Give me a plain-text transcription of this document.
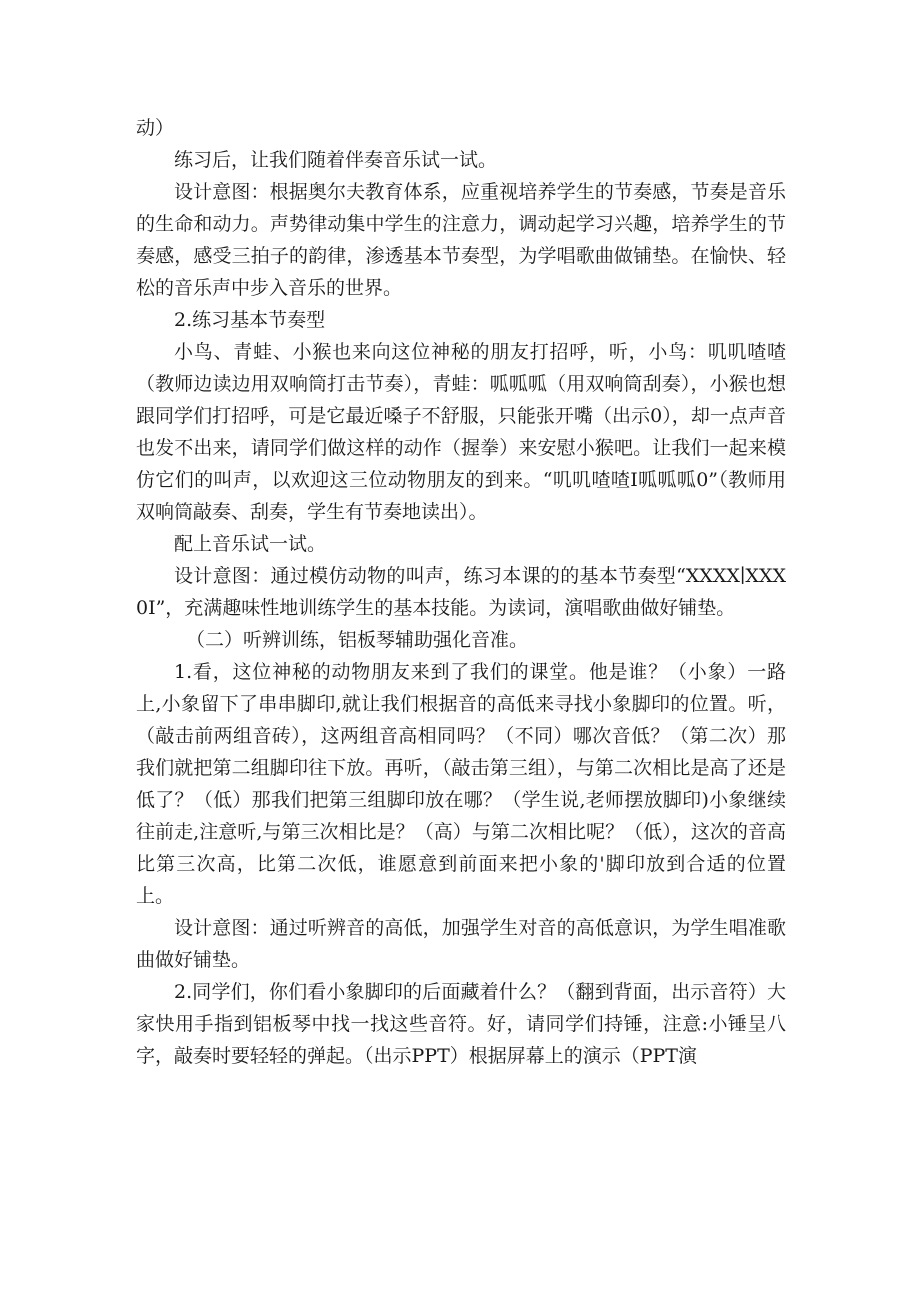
动）

练习后，让我们随着伴奏音乐试一试。

设计意图：根据奥尔夫教育体系，应重视培养学生的节奏感，节奏是音乐的生命和动力。声势律动集中学生的注意力，调动起学习兴趣，培养学生的节奏感，感受三拍子的韵律，渗透基本节奏型，为学唱歌曲做铺垫。在愉快、轻松的音乐声中步入音乐的世界。

2.练习基本节奏型

小鸟、青蛙、小猴也来向这位神秘的朋友打招呼，听，小鸟：叽叽喳喳（教师边读边用双响筒打击节奏），青蛙：呱呱呱（用双响筒刮奏），小猴也想跟同学们打招呼，可是它最近嗓子不舒服，只能张开嘴（出示0），却一点声音也发不出来，请同学们做这样的动作（握拳）来安慰小猴吧。让我们一起来模仿它们的叫声，以欢迎这三位动物朋友的到来。“叽叽喳喳Ⅰ呱呱呱0”（教师用双响筒敲奏、刮奏，学生有节奏地读出）。

配上音乐试一试。

设计意图：通过模仿动物的叫声，练习本课的的基本节奏型“XXXX∣XXX0I”，充满趣味性地训练学生的基本技能。为读词，演唱歌曲做好铺垫。

（二）听辨训练，铝板琴辅助强化音准。

1.看，这位神秘的动物朋友来到了我们的课堂。他是谁？（小象）一路上,小象留下了串串脚印,就让我们根据音的高低来寻找小象脚印的位置。听，（敲击前两组音砖），这两组音高相同吗？（不同）哪次音低？（第二次）那我们就把第二组脚印往下放。再听，（敲击第三组），与第二次相比是高了还是低了？（低）那我们把第三组脚印放在哪？（学生说,老师摆放脚印)小象继续往前走,注意听,与第三次相比是？（高）与第二次相比呢？（低），这次的音高比第三次高，比第二次低，谁愿意到前面来把小象的'脚印放到合适的位置上。

设计意图：通过听辨音的高低，加强学生对音的高低意识，为学生唱准歌曲做好铺垫。

2.同学们，你们看小象脚印的后面藏着什么？（翻到背面，出示音符）大家快用手指到铝板琴中找一找这些音符。好，请同学们持锤，注意:小锤呈八字，敲奏时要轻轻的弹起。（出示PPT）根据屏幕上的演示（PPT演
